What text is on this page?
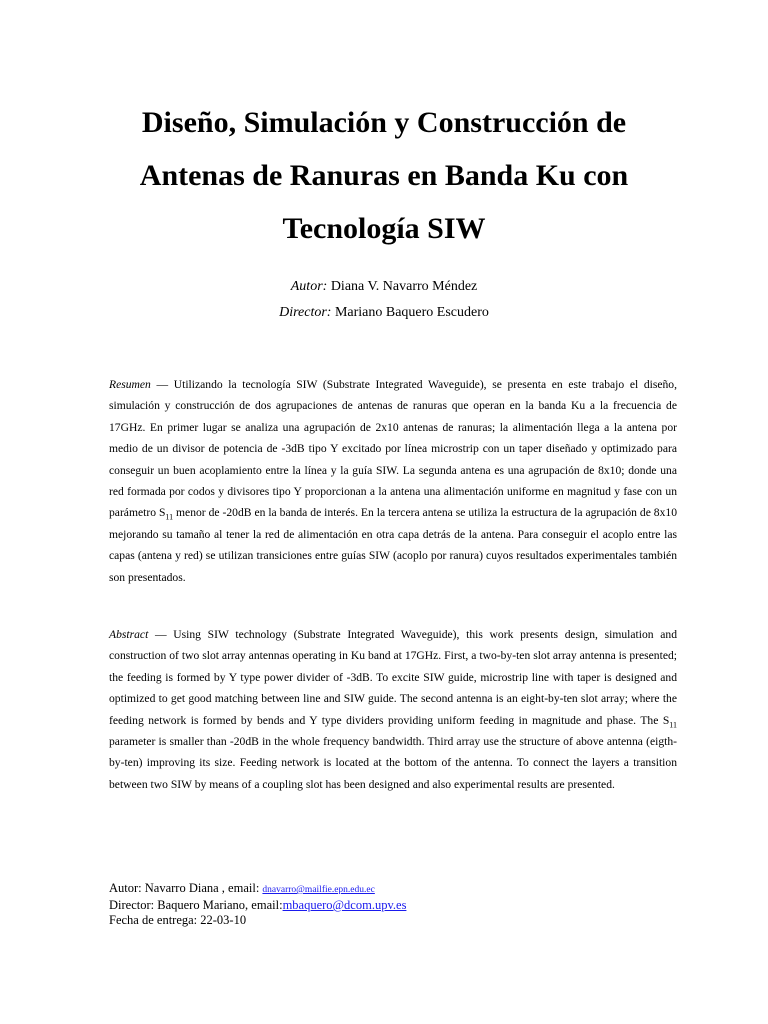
Diseño, Simulación y Construcción de Antenas de Ranuras en Banda Ku con Tecnología SIW
Autor: Diana V. Navarro Méndez
Director: Mariano Baquero Escudero

Resumen — Utilizando la tecnología SIW (Substrate Integrated Waveguide), se presenta en este trabajo el diseño, simulación y construcción de dos agrupaciones de antenas de ranuras que operan en la banda Ku a la frecuencia de 17GHz. En primer lugar se analiza una agrupación de 2x10 antenas de ranuras; la alimentación llega a la antena por medio de un divisor de potencia de -3dB tipo Y excitado por línea microstrip con un taper diseñado y optimizado para conseguir un buen acoplamiento entre la línea y la guía SIW. La segunda antena es una agrupación de 8x10; donde una red formada por codos y divisores tipo Y proporcionan a la antena una alimentación uniforme en magnitud y fase con un parámetro $S_{11}$ menor de -20dB en la banda de interés. En la tercera antena se utiliza la estructura de la agrupación de 8x10 mejorando su tamaño al tener la red de alimentación en otra capa detrás de la antena. Para conseguir el acoplo entre las capas (antena y red) se utilizan transiciones entre guías SIW (acoplo por ranura) cuyos resultados experimentales también son presentados.

Abstract — Using SIW technology (Substrate Integrated Waveguide), this work presents design, simulation and construction of two slot array antennas operating in Ku band at 17GHz. First, a two-by-ten slot array antenna is presented; the feeding is formed by Y type power divider of -3dB. To excite SIW guide, microstrip line with taper is designed and optimized to get good matching between line and SIW guide. The second antenna is an eight-by-ten slot array; where the feeding network is formed by bends and Y type dividers providing uniform feeding in magnitude and phase. The $S_{11}$ parameter is smaller than -20dB in the whole frequency bandwidth. Third array use the structure of above antenna (eigth-by-ten) improving its size. Feeding network is located at the bottom of the antenna. To connect the layers a transition between two SIW by means of a coupling slot has been designed and also experimental results are presented.

Autor: Navarro Diana , email: dnavarro@mailfie.epn.edu.ec
Director: Baquero Mariano, email:mbaquero@dcom.upv.es
Fecha de entrega: 22-03-10
